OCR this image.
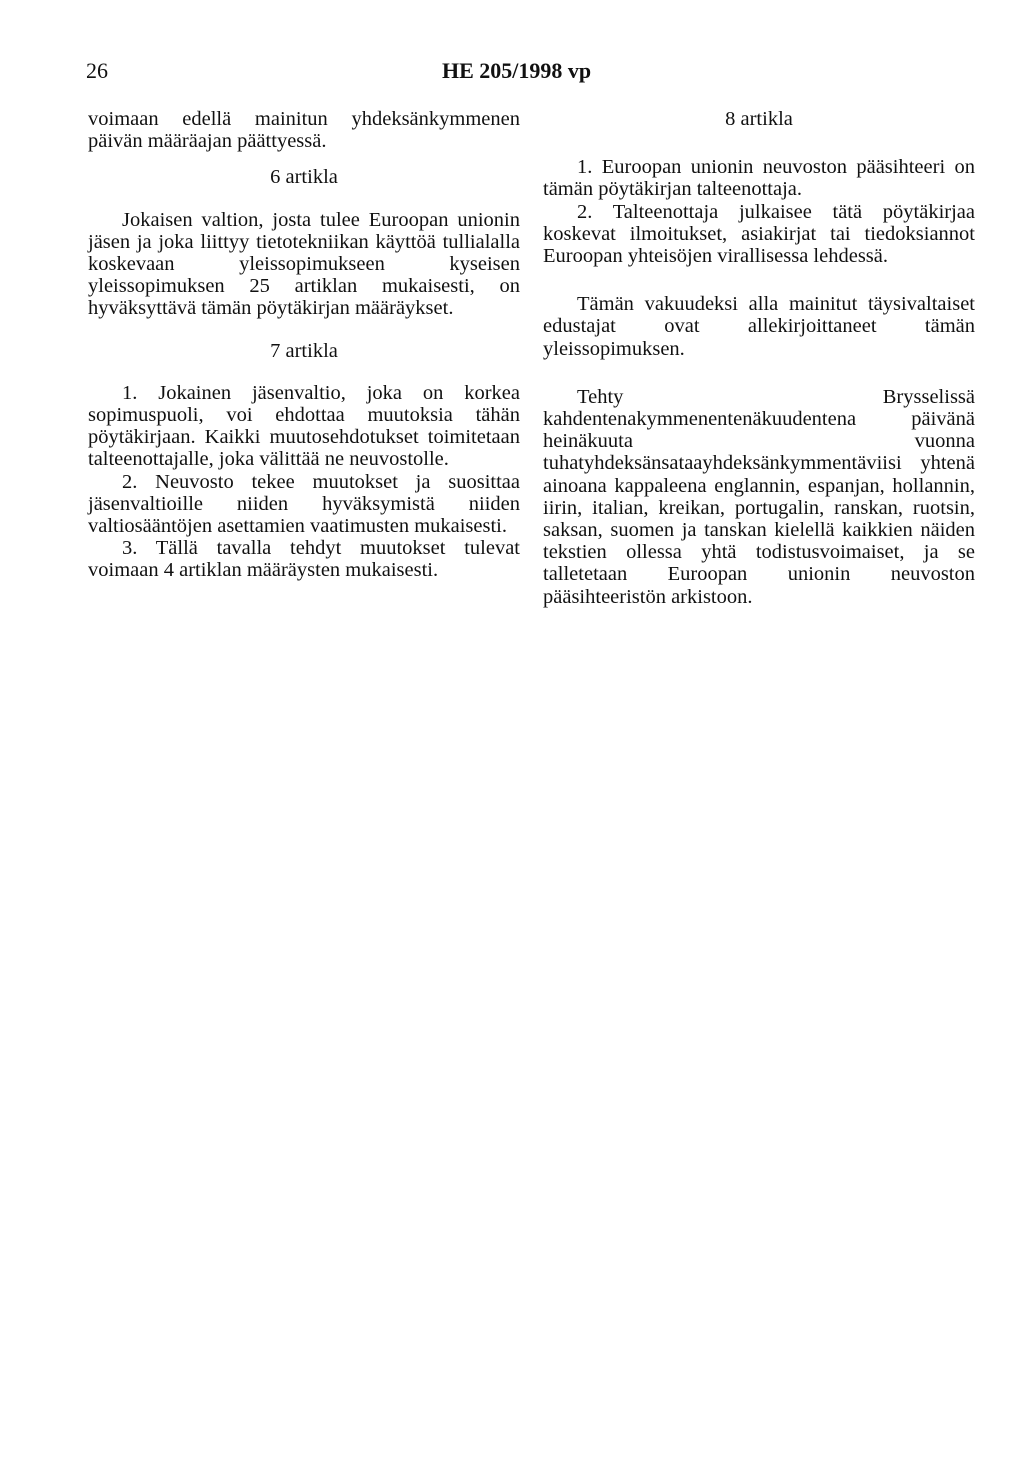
26	HE 205/1998 vp

voimaan edellä mainitun yhdeksänkymmenen päivän määräajan päättyessä.

6 artikla

Jokaisen valtion, josta tulee Euroopan unionin jäsen ja joka liittyy tietotekniikan käyttöä tullialalla koskevaan yleissopimukseen kyseisen yleissopimuksen 25 artiklan mukaisesti, on hyväksyttävä tämän pöytäkirjan määräykset.

7 artikla

1. Jokainen jäsenvaltio, joka on korkea sopimuspuoli, voi ehdottaa muutoksia tähän pöytäkirjaan. Kaikki muutosehdotukset toimitetaan talteenottajalle, joka välittää ne neuvostolle.

2. Neuvosto tekee muutokset ja suosittaa jäsenvaltioille niiden hyväksymistä niiden valtiosääntöjen asettamien vaatimusten mukaisesti.

3. Tällä tavalla tehdyt muutokset tulevat voimaan 4 artiklan määräysten mukaisesti.

8 artikla

1. Euroopan unionin neuvoston pääsihteeri on tämän pöytäkirjan talteenottaja.

2. Talteenottaja julkaisee tätä pöytäkirjaa koskevat ilmoitukset, asiakirjat tai tiedoksiannot Euroopan yhteisöjen virallisessa lehdessä.

Tämän vakuudeksi alla mainitut täysivaltaiset edustajat ovat allekirjoittaneet tämän yleissopimuksen.

Tehty Brysselissä kahdentenakymmenentenäkuudentena päivänä heinäkuuta vuonna tuhatyhdeksänsataayhdeksänkymmentäviisi yhtenä ainoana kappaleena englannin, espanjan, hollannin, iirin, italian, kreikan, portugalin, ranskan, ruotsin, saksan, suomen ja tanskan kielellä kaikkien näiden tekstien ollessa yhtä todistusvoimaiset, ja se talletetaan Euroopan unionin neuvoston pääsihteeristön arkistoon.
